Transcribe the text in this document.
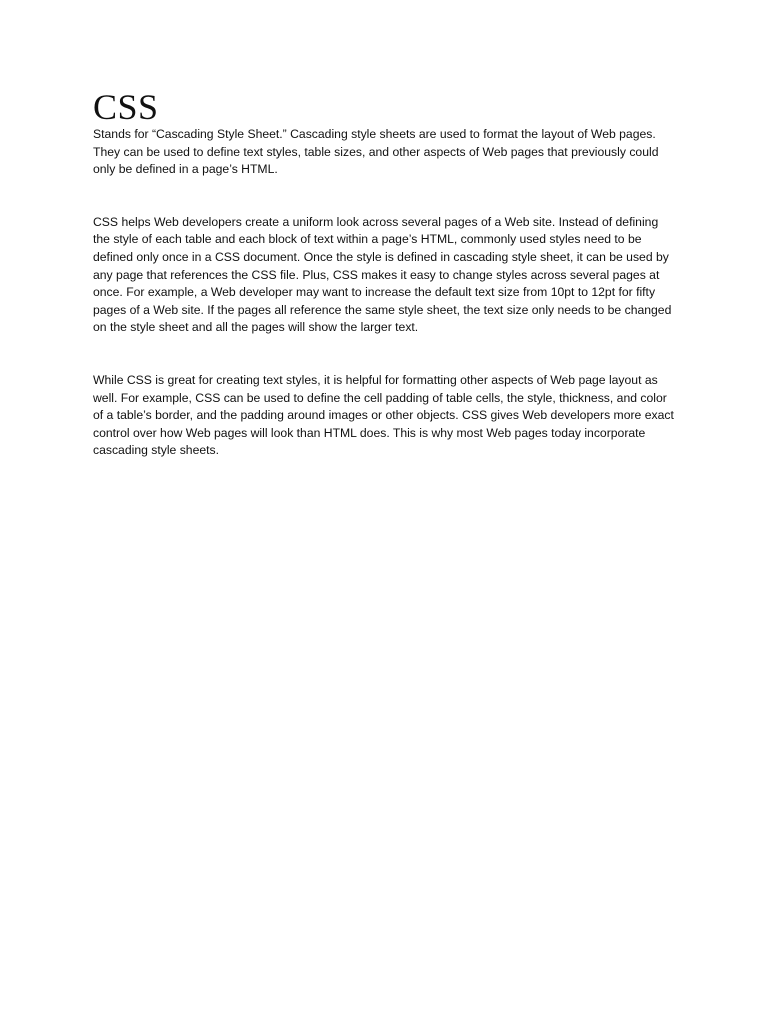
CSS

Stands for “Cascading Style Sheet.” Cascading style sheets are used to format the layout of Web pages. They can be used to define text styles, table sizes, and other aspects of Web pages that previously could only be defined in a page’s HTML.

CSS helps Web developers create a uniform look across several pages of a Web site. Instead of defining the style of each table and each block of text within a page’s HTML, commonly used styles need to be defined only once in a CSS document. Once the style is defined in cascading style sheet, it can be used by any page that references the CSS file. Plus, CSS makes it easy to change styles across several pages at once. For example, a Web developer may want to increase the default text size from 10pt to 12pt for fifty pages of a Web site. If the pages all reference the same style sheet, the text size only needs to be changed on the style sheet and all the pages will show the larger text.

While CSS is great for creating text styles, it is helpful for formatting other aspects of Web page layout as well. For example, CSS can be used to define the cell padding of table cells, the style, thickness, and color of a table’s border, and the padding around images or other objects. CSS gives Web developers more exact control over how Web pages will look than HTML does. This is why most Web pages today incorporate cascading style sheets.
